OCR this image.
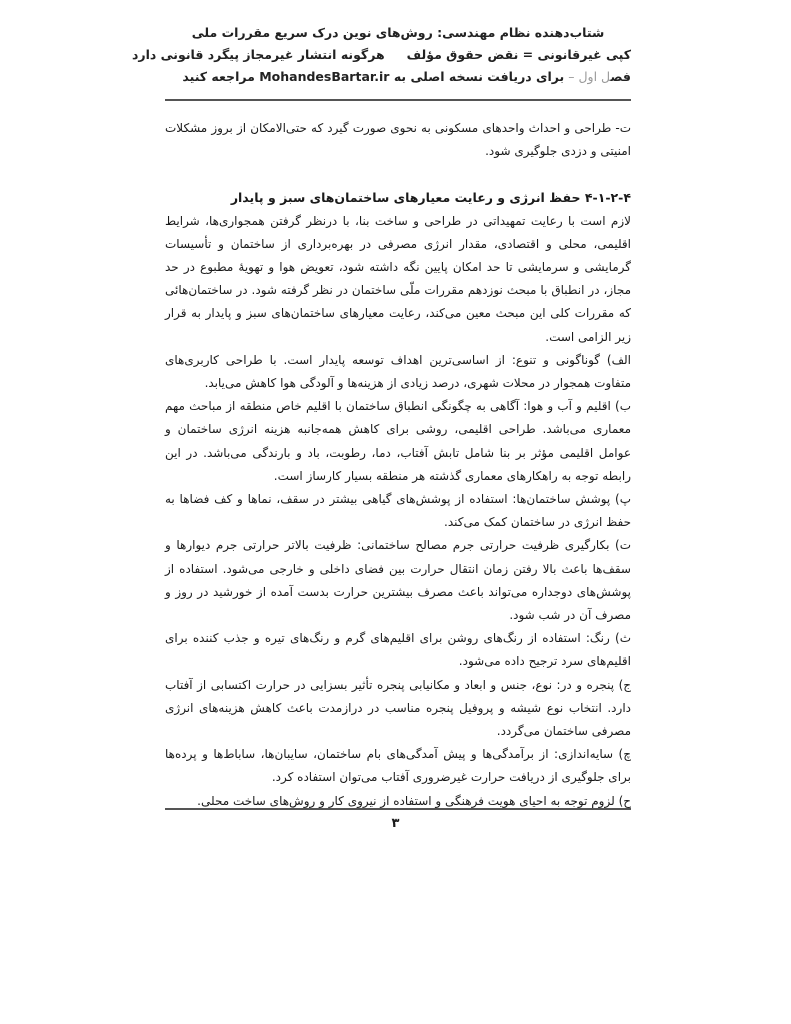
شتاب‌دهنده نظام مهندسی: روش‌های نوین درک سریع مقررات ملی
کپی غیرقانونی = نقض حقوق مؤلفهرگونه انتشار غیرمجاز پیگرد قانونی دارد
فصل اول – برای دریافت نسخه اصلی به MohandesBartar.ir مراجعه کنید

ت- طراحی و احداث واحدهای مسکونی به نحوی صورت گیرد که حتی‌الامکان از بروز مشکلات امنیتی و دزدی جلوگیری شود.

۴-۱-۲-۴ حفظ انرژی و رعایت معیارهای ساختمان‌های سبز و پایدار

لازم است با رعایت تمهیداتی در طراحی و ساخت بنا، با درنظر گرفتن همجواری‌ها، شرایط اقلیمی، محلی و اقتصادی، مقدار انرژی مصرفی در بهره‌برداری از ساختمان و تأسیسات گرمایشی و سرمایشی تا حد امکان پایین نگه داشته شود، تعویض هوا و تهویهٔ مطبوع در حد مجاز، در انطباق با مبحث نوزدهم مقررات ملّی ساختمان در نظر گرفته شود. در ساختمان‌هائی که مقررات کلی این مبحث معین می‌کند، رعایت معیارهای ساختمان‌های سبز و پایدار به قرار زیر الزامی است.

الف) گوناگونی و تنوع: از اساسی‌ترین اهداف توسعه پایدار است. با طراحی کاربری‌های متفاوت همجوار در محلات شهری، درصد زیادی از هزینه‌ها و آلودگی هوا کاهش می‌یابد.

ب) اقلیم و آب و هوا: آگاهی به چگونگی انطباق ساختمان با اقلیم خاص منطقه از مباحث مهم معماری می‌باشد. طراحی اقلیمی، روشی برای کاهش همه‌جانبه هزینه انرژی ساختمان و عوامل اقلیمی مؤثر بر بنا شامل تابش آفتاب، دما، رطوبت، باد و بارندگی می‌باشد. در این رابطه توجه به راهکارهای معماری گذشته هر منطقه بسیار کارساز است.

پ) پوشش ساختمان‌ها: استفاده از پوشش‌های گیاهی بیشتر در سقف، نماها و کف فضاها به حفظ انرژی در ساختمان کمک می‌کند.

ت) بکارگیری ظرفیت حرارتی جرم مصالح ساختمانی: ظرفیت بالاتر حرارتی جرم دیوارها و سقف‌ها باعث بالا رفتن زمان انتقال حرارت بین فضای داخلی و خارجی می‌شود. استفاده از پوشش‌های دوجداره می‌تواند باعث مصرف بیشترین حرارت بدست آمده از خورشید در روز و مصرف آن در شب شود.

ث) رنگ: استفاده از رنگ‌های روشن برای اقلیم‌های گرم و رنگ‌های تیره و جذب کننده برای اقلیم‌های سرد ترجیح داده می‌شود.

ج) پنجره و در: نوع، جنس و ابعاد و مکانیابی پنجره تأثیر بسزایی در حرارت اکتسابی از آفتاب دارد. انتخاب نوع شیشه و پروفیل پنجره مناسب در درازمدت باعث کاهش هزینه‌های انرژی مصرفی ساختمان می‌گردد.

چ) سایه‌اندازی: از برآمدگی‌ها و پیش آمدگی‌های بام ساختمان، سایبان‌ها، ساباط‌ها و پرده‌ها برای جلوگیری از دریافت حرارت غیرضروری آفتاب می‌توان استفاده کرد.

ح) لزوم توجه به احیای هویت فرهنگی و استفاده از نیروی کار و روش‌های ساخت محلی.

۳
